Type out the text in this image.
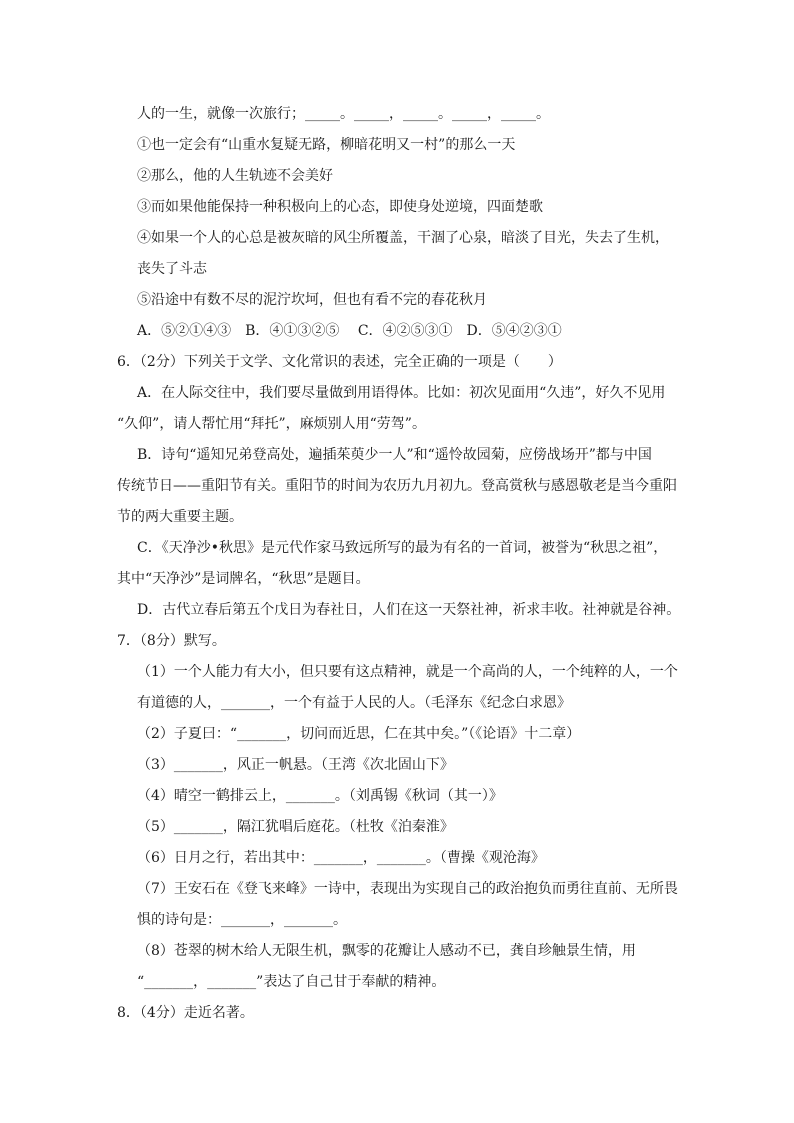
人的一生，就像一次旅行；_____。_____，_____。_____，_____。
①也一定会有“山重水复疑无路，柳暗花明又一村”的那么一天
②那么，他的人生轨迹不会美好
③而如果他能保持一种积极向上的心态，即使身处逆境，四面楚歌
④如果一个人的心总是被灰暗的风尘所覆盖，干涸了心泉，暗淡了目光，失去了生机，
丧失了斗志
⑤沿途中有数不尽的泥泞坎坷，但也有看不完的春花秋月
A．⑤②①④③　B．④①③②⑤　 C．④②⑤③①　D．⑤④②③①
6．（2分）下列关于文学、文化常识的表述，完全正确的一项是（　　）
A．在人际交往中，我们要尽量做到用语得体。比如：初次见面用“久违”，好久不见用
“久仰”，请人帮忙用“拜托”，麻烦别人用“劳驾”。
B．诗句“遥知兄弟登高处，遍插茱萸少一人”和“遥怜故园菊，应傍战场开”都与中国
传统节日——重阳节有关。重阳节的时间为农历九月初九。登高赏秋与感恩敬老是当今重阳
节的两大重要主题。
C．《天净沙•秋思》是元代作家马致远所写的最为有名的一首词，被誉为“秋思之祖”，
其中“天净沙”是词牌名，“秋思”是题目。
D．古代立春后第五个戊日为春社日，人们在这一天祭社神，祈求丰收。社神就是谷神。
7．（8分）默写。
（1）一个人能力有大小，但只要有这点精神，就是一个高尚的人，一个纯粹的人，一个
有道德的人，_______，一个有益于人民的人。（毛泽东《纪念白求恩》
（2）子夏曰：“_______，切问而近思，仁在其中矣。”（《论语》十二章）
（3）_______，风正一帆悬。（王湾《次北固山下》
（4）晴空一鹤排云上，_______。（刘禹锡《秋词（其一）》
（5）_______，隔江犹唱后庭花。（杜牧《泊秦淮》
（6）日月之行，若出其中：_______，_______。（曹操《观沧海》
（7）王安石在《登飞来峰》一诗中，表现出为实现自己的政治抱负而勇往直前、无所畏
惧的诗句是：_______，_______。
（8）苍翠的树木给人无限生机，飘零的花瓣让人感动不已，龚自珍触景生情，用
“_______，_______”表达了自己甘于奉献的精神。
8．（4分）走近名著。
